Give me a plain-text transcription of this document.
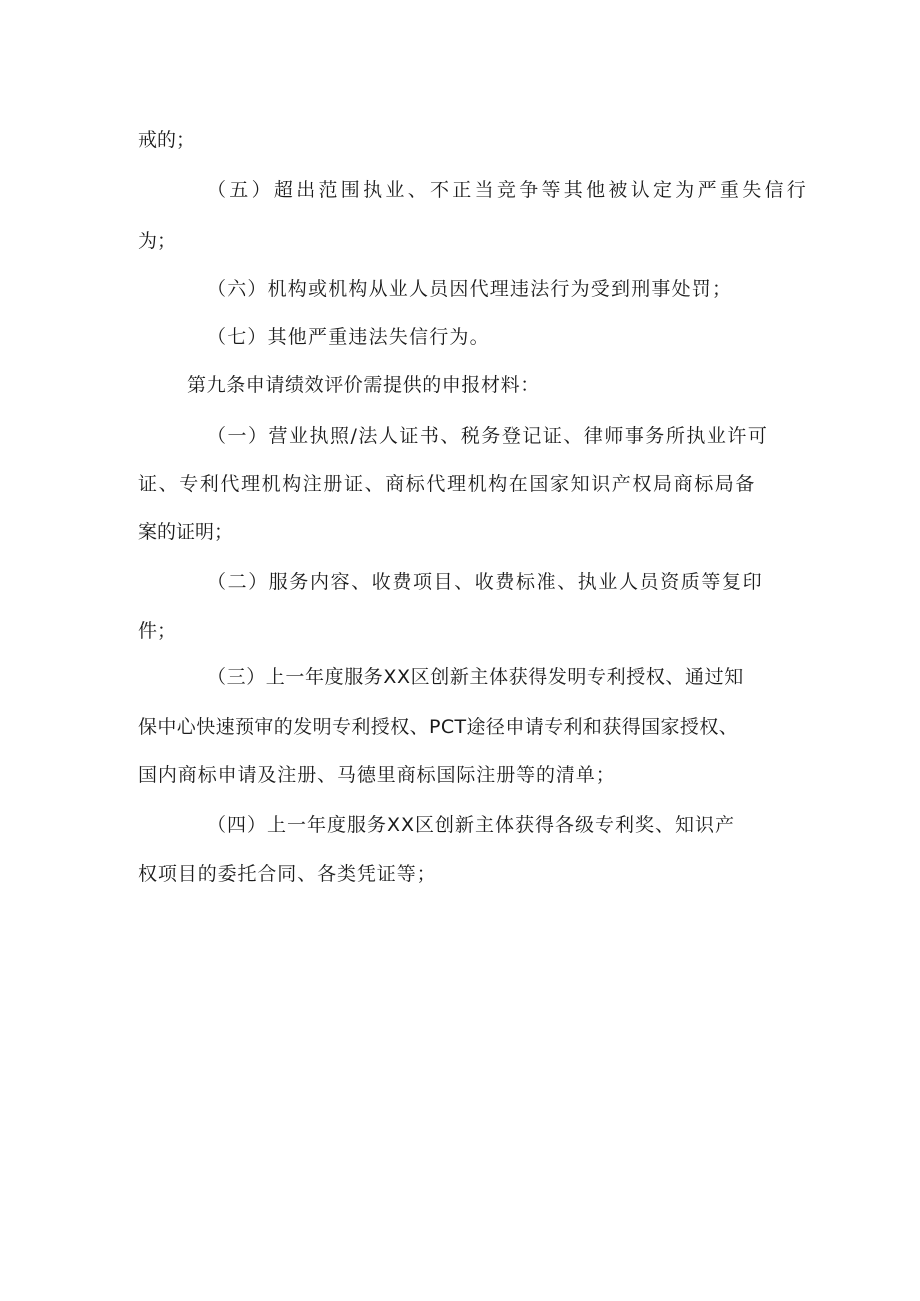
戒的；
（五）超出范围执业、不正当竞争等其他被认定为严重失信行
为；
（六）机构或机构从业人员因代理违法行为受到刑事处罚；
（七）其他严重违法失信行为。
第九条申请绩效评价需提供的申报材料：
（一）营业执照/法人证书、税务登记证、律师事务所执业许可
证、专利代理机构注册证、商标代理机构在国家知识产权局商标局备
案的证明；
（二）服务内容、收费项目、收费标准、执业人员资质等复印
件；
（三）上一年度服务XX区创新主体获得发明专利授权、通过知
保中心快速预审的发明专利授权、PCT途径申请专利和获得国家授权、
国内商标申请及注册、马德里商标国际注册等的清单；
（四）上一年度服务XX区创新主体获得各级专利奖、知识产
权项目的委托合同、各类凭证等；
